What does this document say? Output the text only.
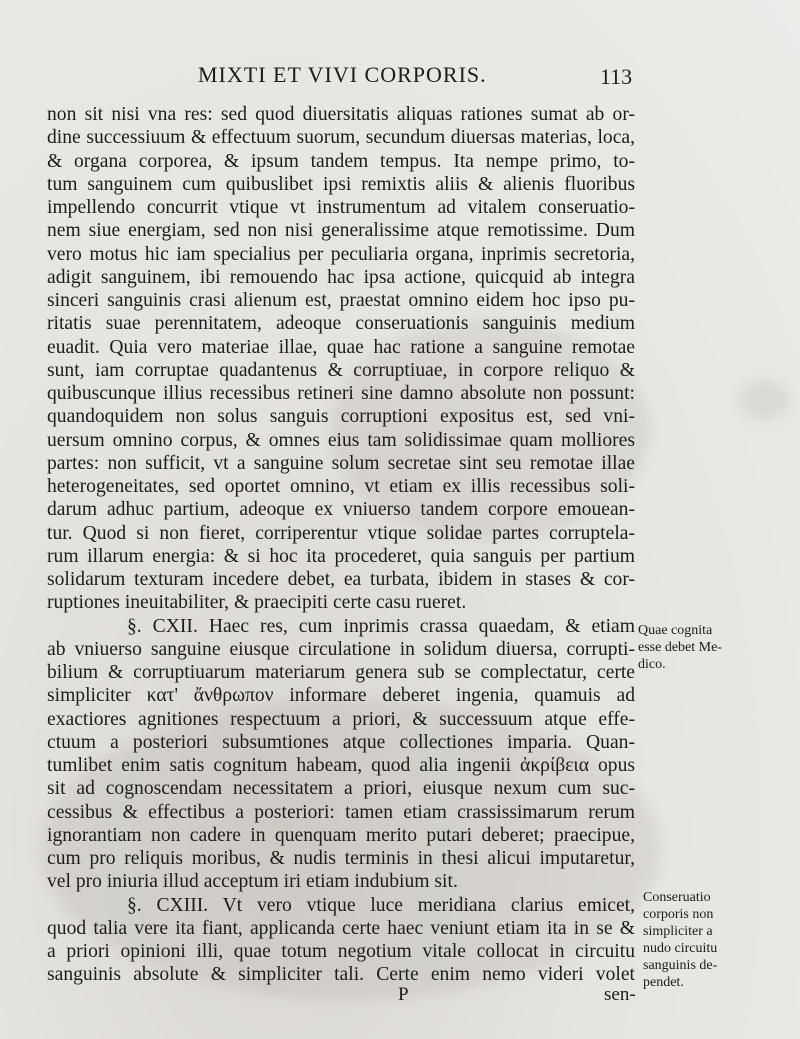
MIXTI ET VIVI CORPORIS.	113
non sit nisi vna res: sed quod diuersitatis aliquas rationes sumat ab or-
dine successiuum & effectuum suorum, secundum diuersas materias, loca,
& organa corporea, & ipsum tandem tempus. Ita nempe primo, to-
tum sanguinem cum quibuslibet ipsi remixtis aliis & alienis fluoribus
impellendo concurrit vtique vt instrumentum ad vitalem conseruatio-
nem siue energiam, sed non nisi generalissime atque remotissime. Dum
vero motus hic iam specialius per peculiaria organa, inprimis secretoria,
adigit sanguinem, ibi remouendo hac ipsa actione, quicquid ab integra
sinceri sanguinis crasi alienum est, praestat omnino eidem hoc ipso pu-
ritatis suae perennitatem, adeoque conseruationis sanguinis medium
euadit. Quia vero materiae illae, quae hac ratione a sanguine remotae
sunt, iam corruptae quadantenus & corruptiuae, in corpore reliquo &
quibuscunque illius recessibus retineri sine damno absolute non possunt:
quandoquidem non solus sanguis corruptioni expositus est, sed vni-
uersum omnino corpus, & omnes eius tam solidissimae quam molliores
partes: non sufficit, vt a sanguine solum secretae sint seu remotae illae
heterogeneitates, sed oportet omnino, vt etiam ex illis recessibus soli-
darum adhuc partium, adeoque ex vniuerso tandem corpore emouean-
tur. Quod si non fieret, corriperentur vtique solidae partes corruptela-
rum illarum energia: & si hoc ita procederet, quia sanguis per partium
solidarum texturam incedere debet, ea turbata, ibidem in stases & cor-
ruptiones ineuitabiliter, & praecipiti certe casu rueret.
§. CXII. Haec res, cum inprimis crassa quaedam, & etiam
ab vniuerso sanguine eiusque circulatione in solidum diuersa, corrupti-
bilium & corruptiuarum materiarum genera sub se complectatur, certe
simpliciter κατ' ἄνθρωπον informare deberet ingenia, quamuis ad
exactiores agnitiones respectuum a priori, & successuum atque effe-
ctuum a posteriori subsumtiones atque collectiones imparia. Quan-
tumlibet enim satis cognitum habeam, quod alia ingenii ἀκρίβεια opus
sit ad cognoscendam necessitatem a priori, eiusque nexum cum suc-
cessibus & effectibus a posteriori: tamen etiam crassissimarum rerum
ignorantiam non cadere in quenquam merito putari deberet; praecipue,
cum pro reliquis moribus, & nudis terminis in thesi alicui imputaretur,
vel pro iniuria illud acceptum iri etiam indubium sit.
§. CXIII. Vt vero vtique luce meridiana clarius emicet,
quod talia vere ita fiant, applicanda certe haec veniunt etiam ita in se &
a priori opinioni illi, quae totum negotium vitale collocat in circuitu
sanguinis absolute & simpliciter tali. Certe enim nemo videri volet
Quae cognita
esse debet Me-
dico.
Conseruatio
corporis non
simpliciter a
nudo circuitu
sanguinis de-
pendet.
P	sen-
